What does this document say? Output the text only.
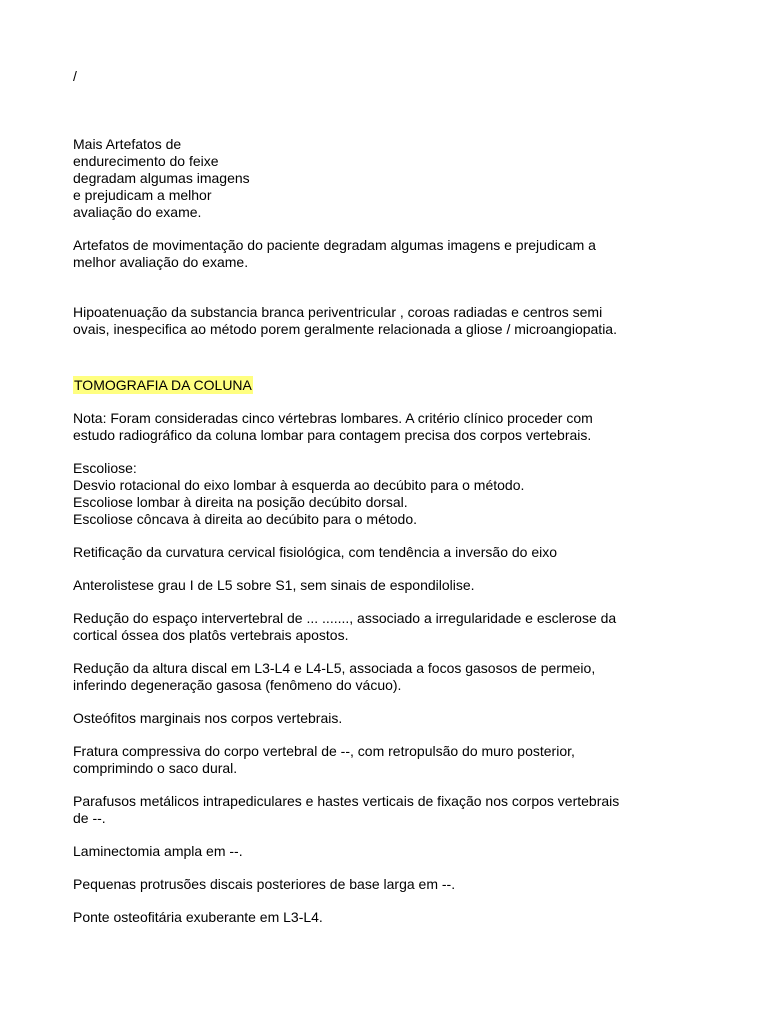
/

Mais Artefatos de
endurecimento do feixe
degradam algumas imagens
e prejudicam a melhor
avaliação do exame.

Artefatos de movimentação do paciente degradam algumas imagens e prejudicam a
melhor avaliação do exame.

Hipoatenuação da substancia branca periventricular , coroas radiadas e centros semi
ovais, inespecifica ao método porem geralmente relacionada a gliose / microangiopatia.

TOMOGRAFIA DA COLUNA

Nota: Foram consideradas cinco vértebras lombares. A critério clínico proceder com
estudo radiográfico da coluna lombar para contagem precisa dos corpos vertebrais.

Escoliose:
Desvio rotacional do eixo lombar à esquerda ao decúbito para o método.
Escoliose lombar à direita na posição decúbito dorsal.
Escoliose côncava à direita ao decúbito para o método.

Retificação da curvatura cervical fisiológica, com tendência a inversão do eixo

Anterolistese grau I de L5 sobre S1, sem sinais de espondilolise.

Redução do espaço intervertebral de ... ......., associado a irregularidade e esclerose da
cortical óssea dos platôs vertebrais apostos.

Redução da altura discal em L3-L4 e L4-L5, associada a focos gasosos de permeio,
inferindo degeneração gasosa (fenômeno do vácuo).

Osteófitos marginais nos corpos vertebrais.

Fratura compressiva do corpo vertebral de --, com retropulsão do muro posterior,
comprimindo o saco dural.

Parafusos metálicos intrapediculares e hastes verticais de fixação nos corpos vertebrais
de --.

Laminectomia ampla em --.

Pequenas protrusões discais posteriores de base larga em --.

Ponte osteofitária exuberante em L3-L4.
